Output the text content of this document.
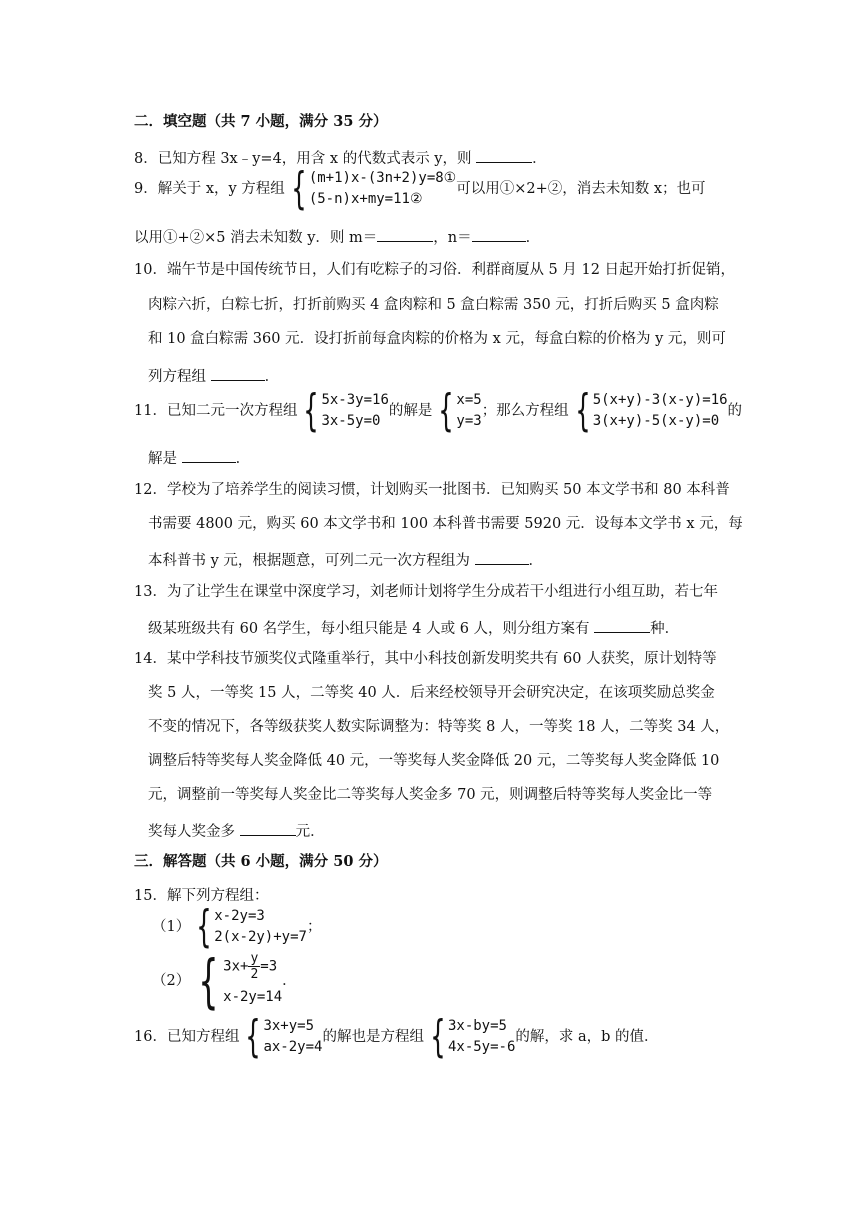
二．填空题（共 7 小题，满分 35 分）
8．已知方程 3x﹣y=4，用含 x 的代数式表示 y，则	．
9．解关于 x，y 方程组 { (m+1)x-(3n+2)y=8①
(5-n)x+my=11②
可以用①×2+②，消去未知数 x；也可
以用①+②×5 消去未知数 y．则 m＝	，n＝	．
10．端午节是中国传统节日，人们有吃粽子的习俗．利群商厦从 5 月 12 日起开始打折促销，
肉粽六折，白粽七折，打折前购买 4 盒肉粽和 5 盒白粽需 350 元，打折后购买 5 盒肉粽
和 10 盒白粽需 360 元．设打折前每盒肉粽的价格为 x 元，每盒白粽的价格为 y 元，则可
列方程组	．
11．已知二元一次方程组 { 5x-3y=16
3x-5y=0
的解是 { x=5
y=3
；那么方程组 { 5(x+y)-3(x-y)=16
3(x+y)-5(x-y)=0
的
解是	．
12．学校为了培养学生的阅读习惯，计划购买一批图书．已知购买 50 本文学书和 80 本科普
书需要 4800 元，购买 60 本文学书和 100 本科普书需要 5920 元．设每本文学书 x 元，每
本科普书 y 元，根据题意，可列二元一次方程组为	．
13．为了让学生在课堂中深度学习，刘老师计划将学生分成若干小组进行小组互助，若七年
级某班级共有 60 名学生，每小组只能是 4 人或 6 人，则分组方案有	种．
14．某中学科技节颁奖仪式隆重举行，其中小科技创新发明奖共有 60 人获奖，原计划特等
奖 5 人，一等奖 15 人，二等奖 40 人．后来经校领导开会研究决定，在该项奖励总奖金
不变的情况下，各等级获奖人数实际调整为：特等奖 8 人，一等奖 18 人，二等奖 34 人，
调整后特等奖每人奖金降低 40 元，一等奖每人奖金降低 20 元，二等奖每人奖金降低 10
元，调整前一等奖每人奖金比二等奖每人奖金多 70 元，则调整后特等奖每人奖金比一等
奖每人奖金多	元．
三．解答题（共 6 小题，满分 50 分）
15．解下列方程组：
（1） { x-2y=3
2(x-2y)+y=7
；
（2） { $3x+ \frac{y}{2} =3$
x-2y=14
．
16．已知方程组 { 3x+y=5
ax-2y=4
的解也是方程组 { 3x-by=5
4x-5y=-6
的解，求 a，b 的值．
